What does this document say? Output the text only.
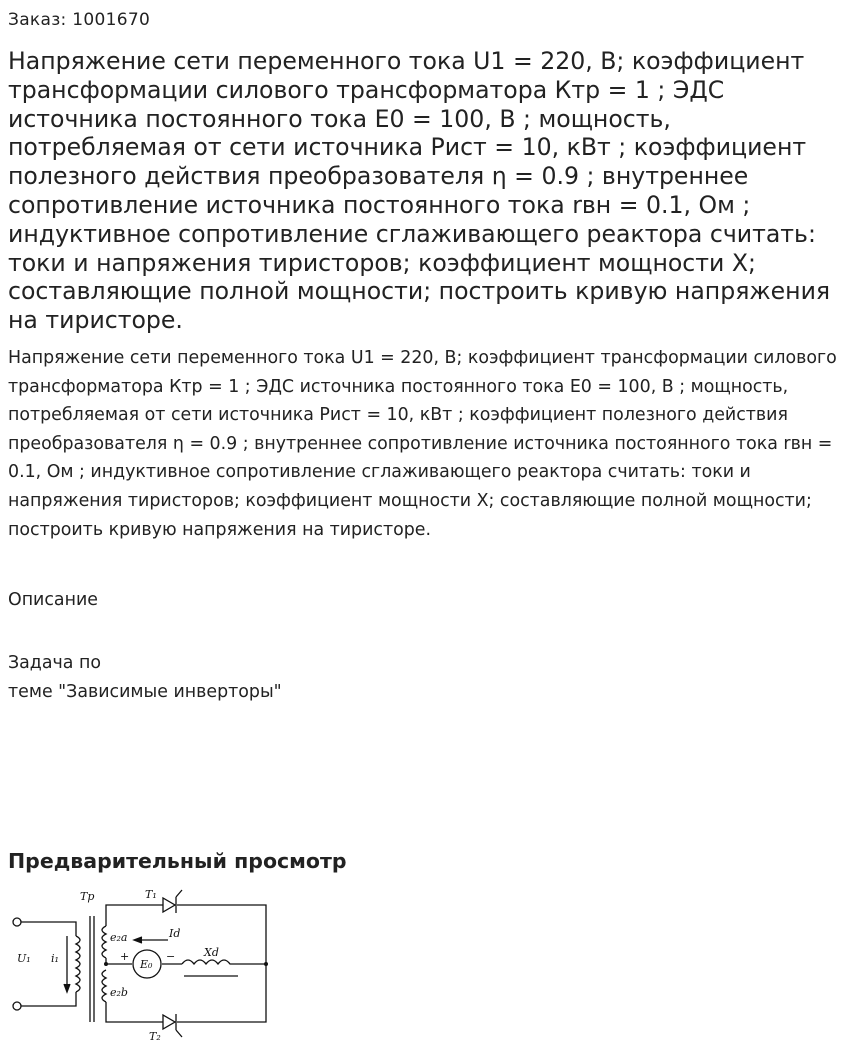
Заказ: 1001670
Напряжение сети переменного тока U1 = 220, В; коэффициент трансформации силового трансформатора Ктр = 1 ; ЭДС источника постоянного тока Е0 = 100, В ; мощность, потребляемая от сети источника Рист = 10, кВт ; коэффициент полезного действия преобразователя η = 0.9 ; внутреннее сопротивление источника постоянного тока rвн = 0.1, Ом ; индуктивное сопротивление сглаживающего реактора считать: токи и напряжения тиристоров; коэффициент мощности Х; составляющие полной мощности; построить кривую напряжения на тиристоре.

Напряжение сети переменного тока U1 = 220, В; коэффициент трансформации силового трансформатора Ктр = 1 ; ЭДС источника постоянного тока Е0 = 100, В ; мощность, потребляемая от сети источника Рист = 10, кВт ; коэффициент полезного действия преобразователя η = 0.9 ; внутреннее сопротивление источника постоянного тока rвн = 0.1, Ом ; индуктивное сопротивление сглаживающего реактора считать: токи и напряжения тиристоров; коэффициент мощности Х; составляющие полной мощности; построить кривую напряжения на тиристоре.

Описание
Задача по
теме "Зависимые инверторы"
Предварительный просмотр
Тр	Т₁
Т₂
U₁ i₁
e₂a
e₂b
Id
E₀
Xd
+	−
